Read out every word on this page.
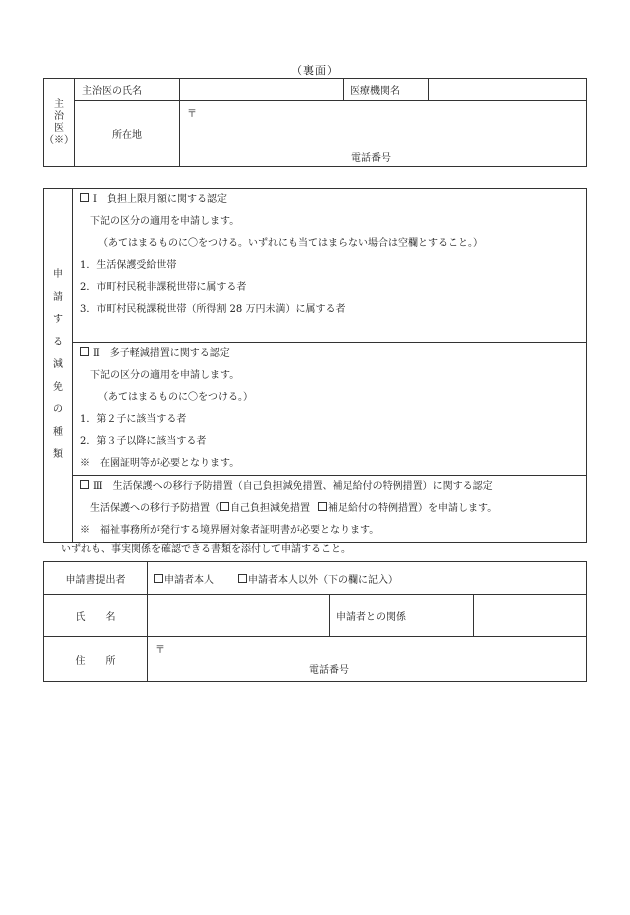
（裏面）
主
治
医
（※）	主治医の氏名		医療機関名	
	所在地	〒
電話番号		
申
請
す
る
減
免
の
種
類

Ⅰ　負担上限月額に関する認定
下記の区分の適用を申請します。
（あてはまるものに〇をつける。いずれにも当てはまらない場合は空欄とすること。）
1．生活保護受給世帯
2．市町村民税非課税世帯に属する者
3．市町村民税課税世帯（所得割 28 万円未満）に属する者

Ⅱ　多子軽減措置に関する認定
下記の区分の適用を申請します。
（あてはまるものに〇をつける。）
1．第２子に該当する者
2．第３子以降に該当する者
※　在園証明等が必要となります。

Ⅲ　生活保護への移行予防措置（自己負担減免措置、補足給付の特例措置）に関する認定
生活保護への移行予防措置（ 自己負担減免措置 補足給付の特例措置）を申請します。
※　福祉事務所が発行する境界層対象者証明書が必要となります。
いずれも、事実関係を確認できる書類を添付して申請すること。
申請書提出者	申請者本人 申請者本人以外（下の欄に記入）		
氏　　名		申請者との関係	
住　　所	〒
電話番号		
